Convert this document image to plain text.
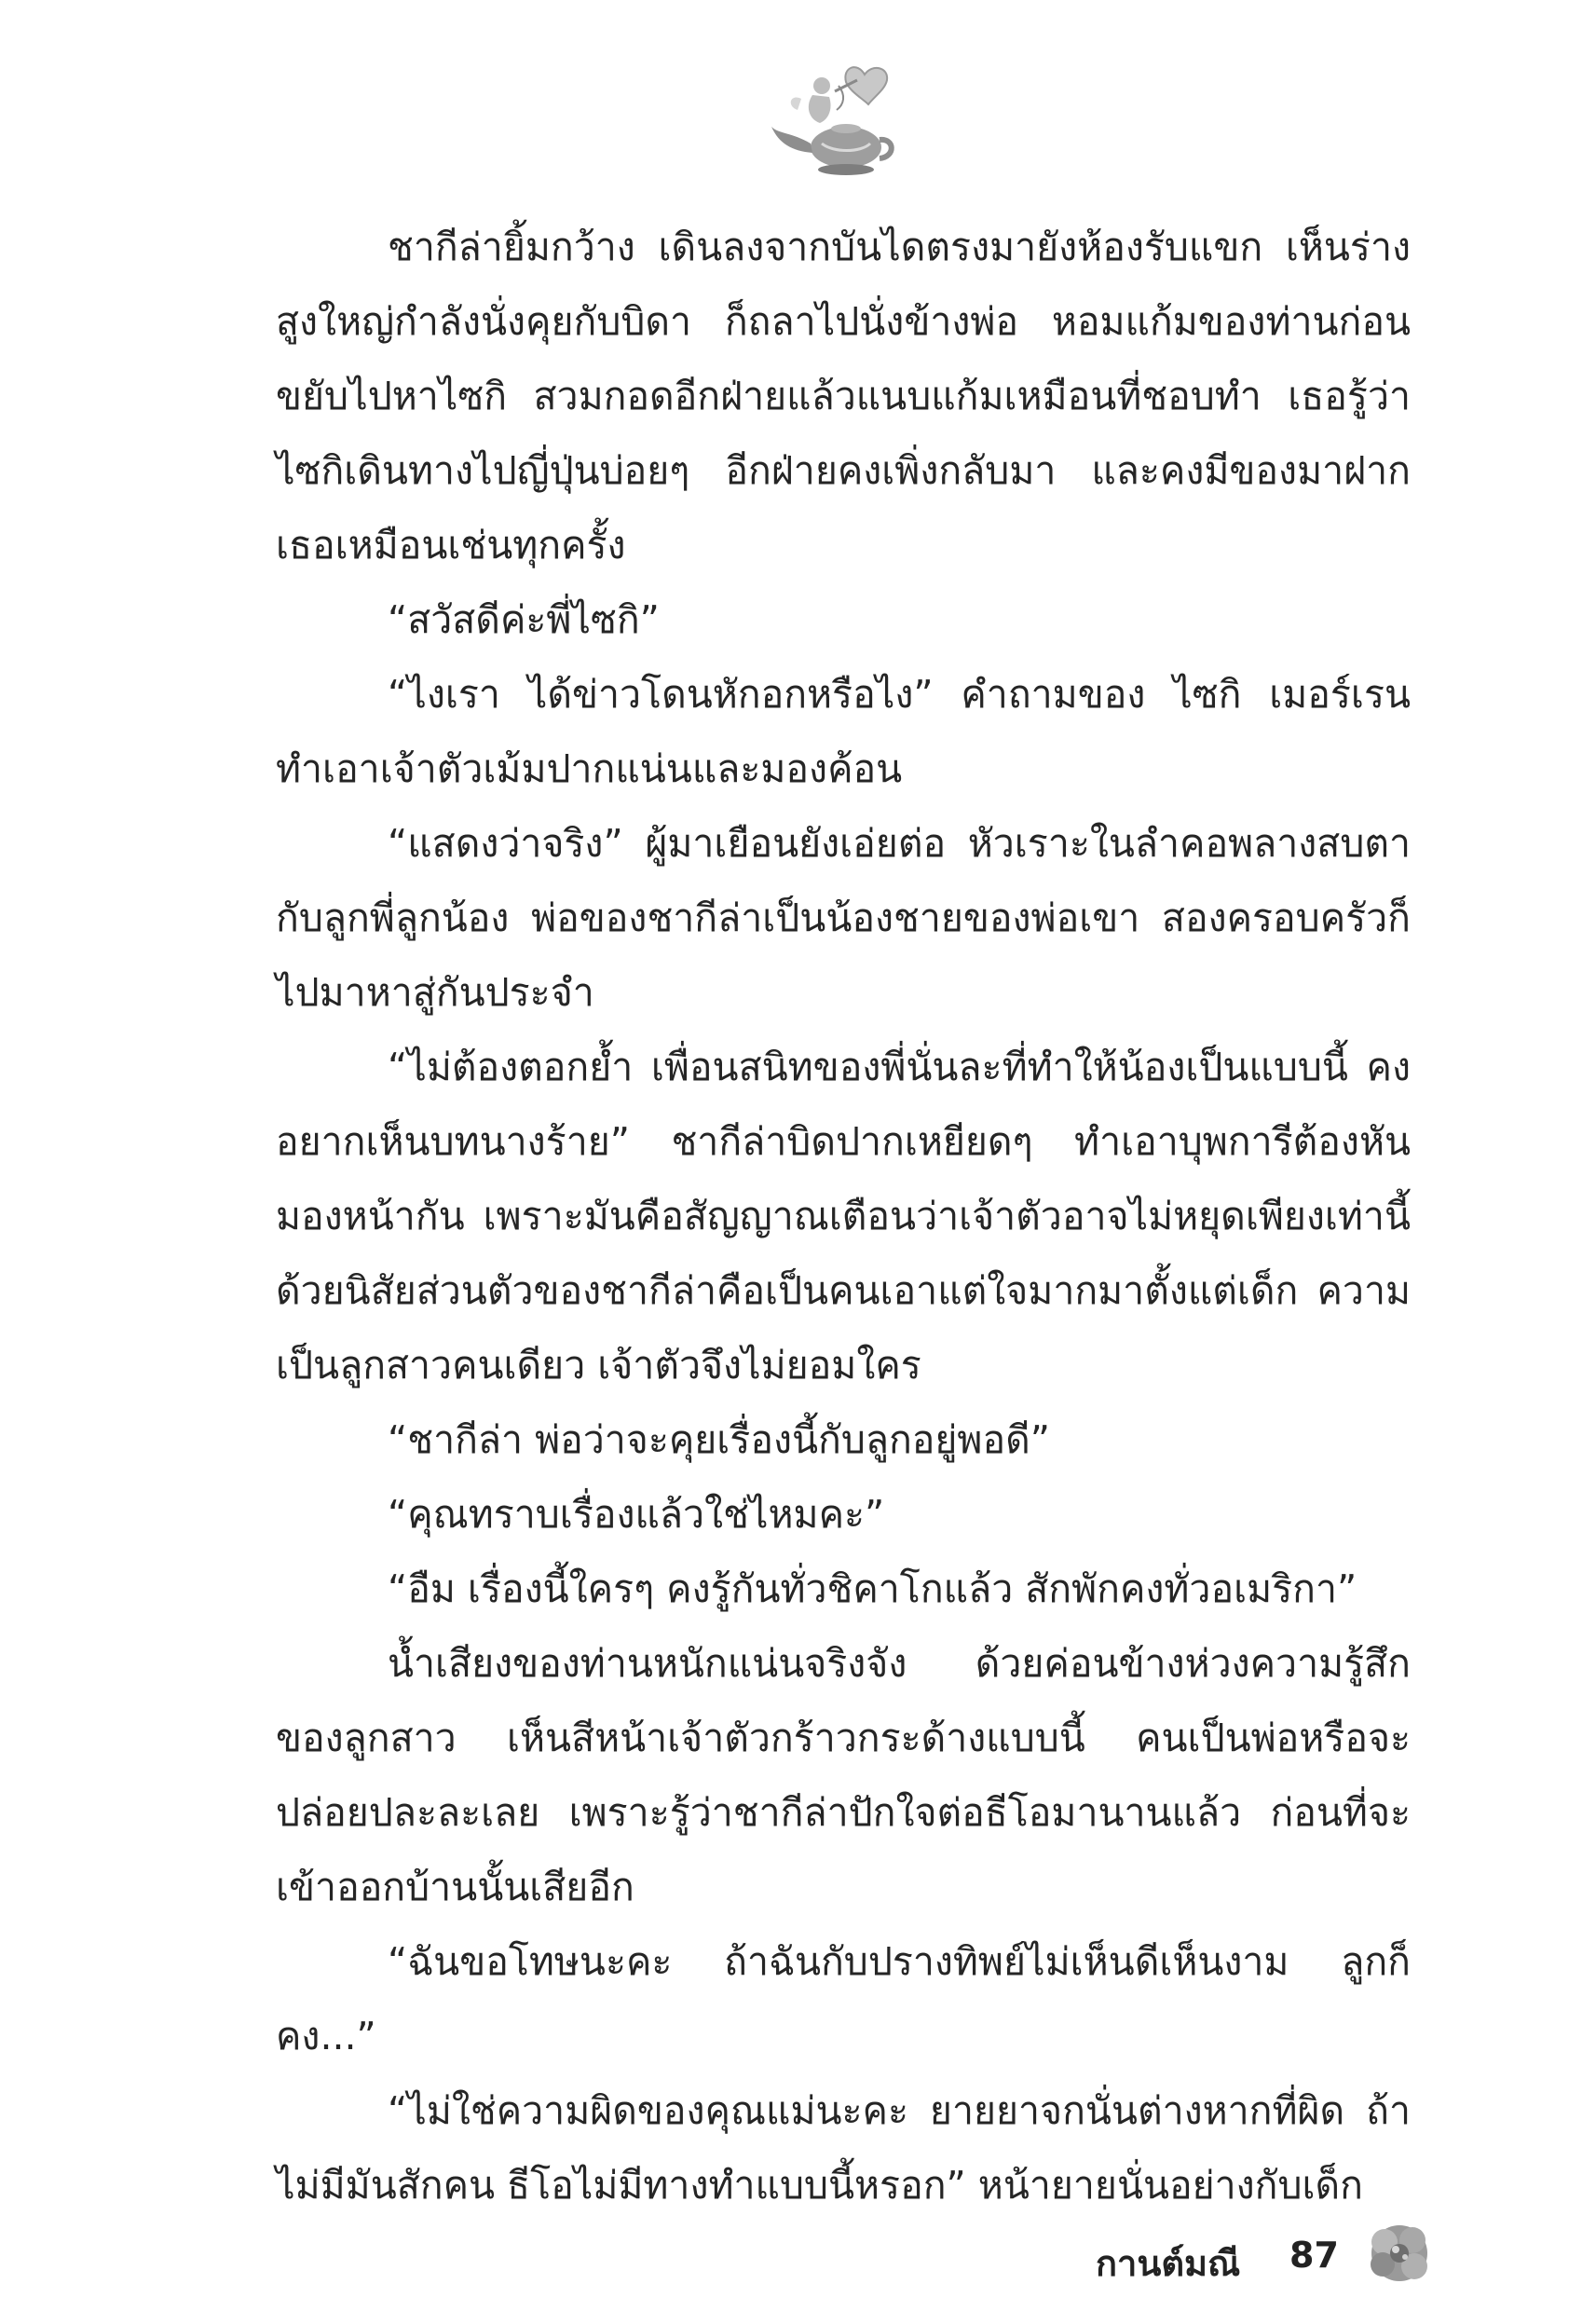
ชากีล่ายิ้มกว้าง เดินลงจากบันไดตรงมายังห้องรับแขก เห็นร่างสูงใหญ่กำลังนั่งคุยกับบิดา ก็ถลาไปนั่งข้างพ่อ หอมแก้มของท่านก่อนขยับไปหาไซกิ สวมกอดอีกฝ่ายแล้วแนบแก้มเหมือนที่ชอบทำ เธอรู้ว่าไซกิเดินทางไปญี่ปุ่นบ่อยๆ อีกฝ่ายคงเพิ่งกลับมา และคงมีของมาฝากเธอเหมือนเช่นทุกครั้ง

“สวัสดีค่ะพี่ไซกิ”

“ไงเรา ได้ข่าวโดนหักอกหรือไง” คำถามของ ไซกิ เมอร์เรน ทำเอาเจ้าตัวเม้มปากแน่นและมองค้อน

“แสดงว่าจริง” ผู้มาเยือนยังเอ่ยต่อ หัวเราะในลำคอพลางสบตากับลูกพี่ลูกน้อง พ่อของชากีล่าเป็นน้องชายของพ่อเขา สองครอบครัวก็ไปมาหาสู่กันประจำ

“ไม่ต้องตอกย้ำ เพื่อนสนิทของพี่นั่นละที่ทำให้น้องเป็นแบบนี้ คงอยากเห็นบทนางร้าย” ชากีล่าบิดปากเหยียดๆ ทำเอาบุพการีต้องหันมองหน้ากัน เพราะมันคือสัญญาณเตือนว่าเจ้าตัวอาจไม่หยุดเพียงเท่านี้ ด้วยนิสัยส่วนตัวของชากีล่าคือเป็นคนเอาแต่ใจมากมาตั้งแต่เด็ก ความเป็นลูกสาวคนเดียว เจ้าตัวจึงไม่ยอมใคร

“ชากีล่า พ่อว่าจะคุยเรื่องนี้กับลูกอยู่พอดี”

“คุณทราบเรื่องแล้วใช่ไหมคะ”

“อืม เรื่องนี้ใครๆ คงรู้กันทั่วชิคาโกแล้ว สักพักคงทั่วอเมริกา”

น้ำเสียงของท่านหนักแน่นจริงจัง ด้วยค่อนข้างห่วงความรู้สึกของลูกสาว เห็นสีหน้าเจ้าตัวกร้าวกระด้างแบบนี้ คนเป็นพ่อหรือจะปล่อยปละละเลย เพราะรู้ว่าชากีล่าปักใจต่อธีโอมานานแล้ว ก่อนที่จะเข้าออกบ้านนั้นเสียอีก

“ฉันขอโทษนะคะ ถ้าฉันกับปรางทิพย์ไม่เห็นดีเห็นงาม ลูกก็คง...”

“ไม่ใช่ความผิดของคุณแม่นะคะ ยายยาจกนั่นต่างหากที่ผิด ถ้าไม่มีมันสักคน ธีโอไม่มีทางทำแบบนี้หรอก” หน้ายายนั่นอย่างกับเด็ก

กานต์มณี 87
